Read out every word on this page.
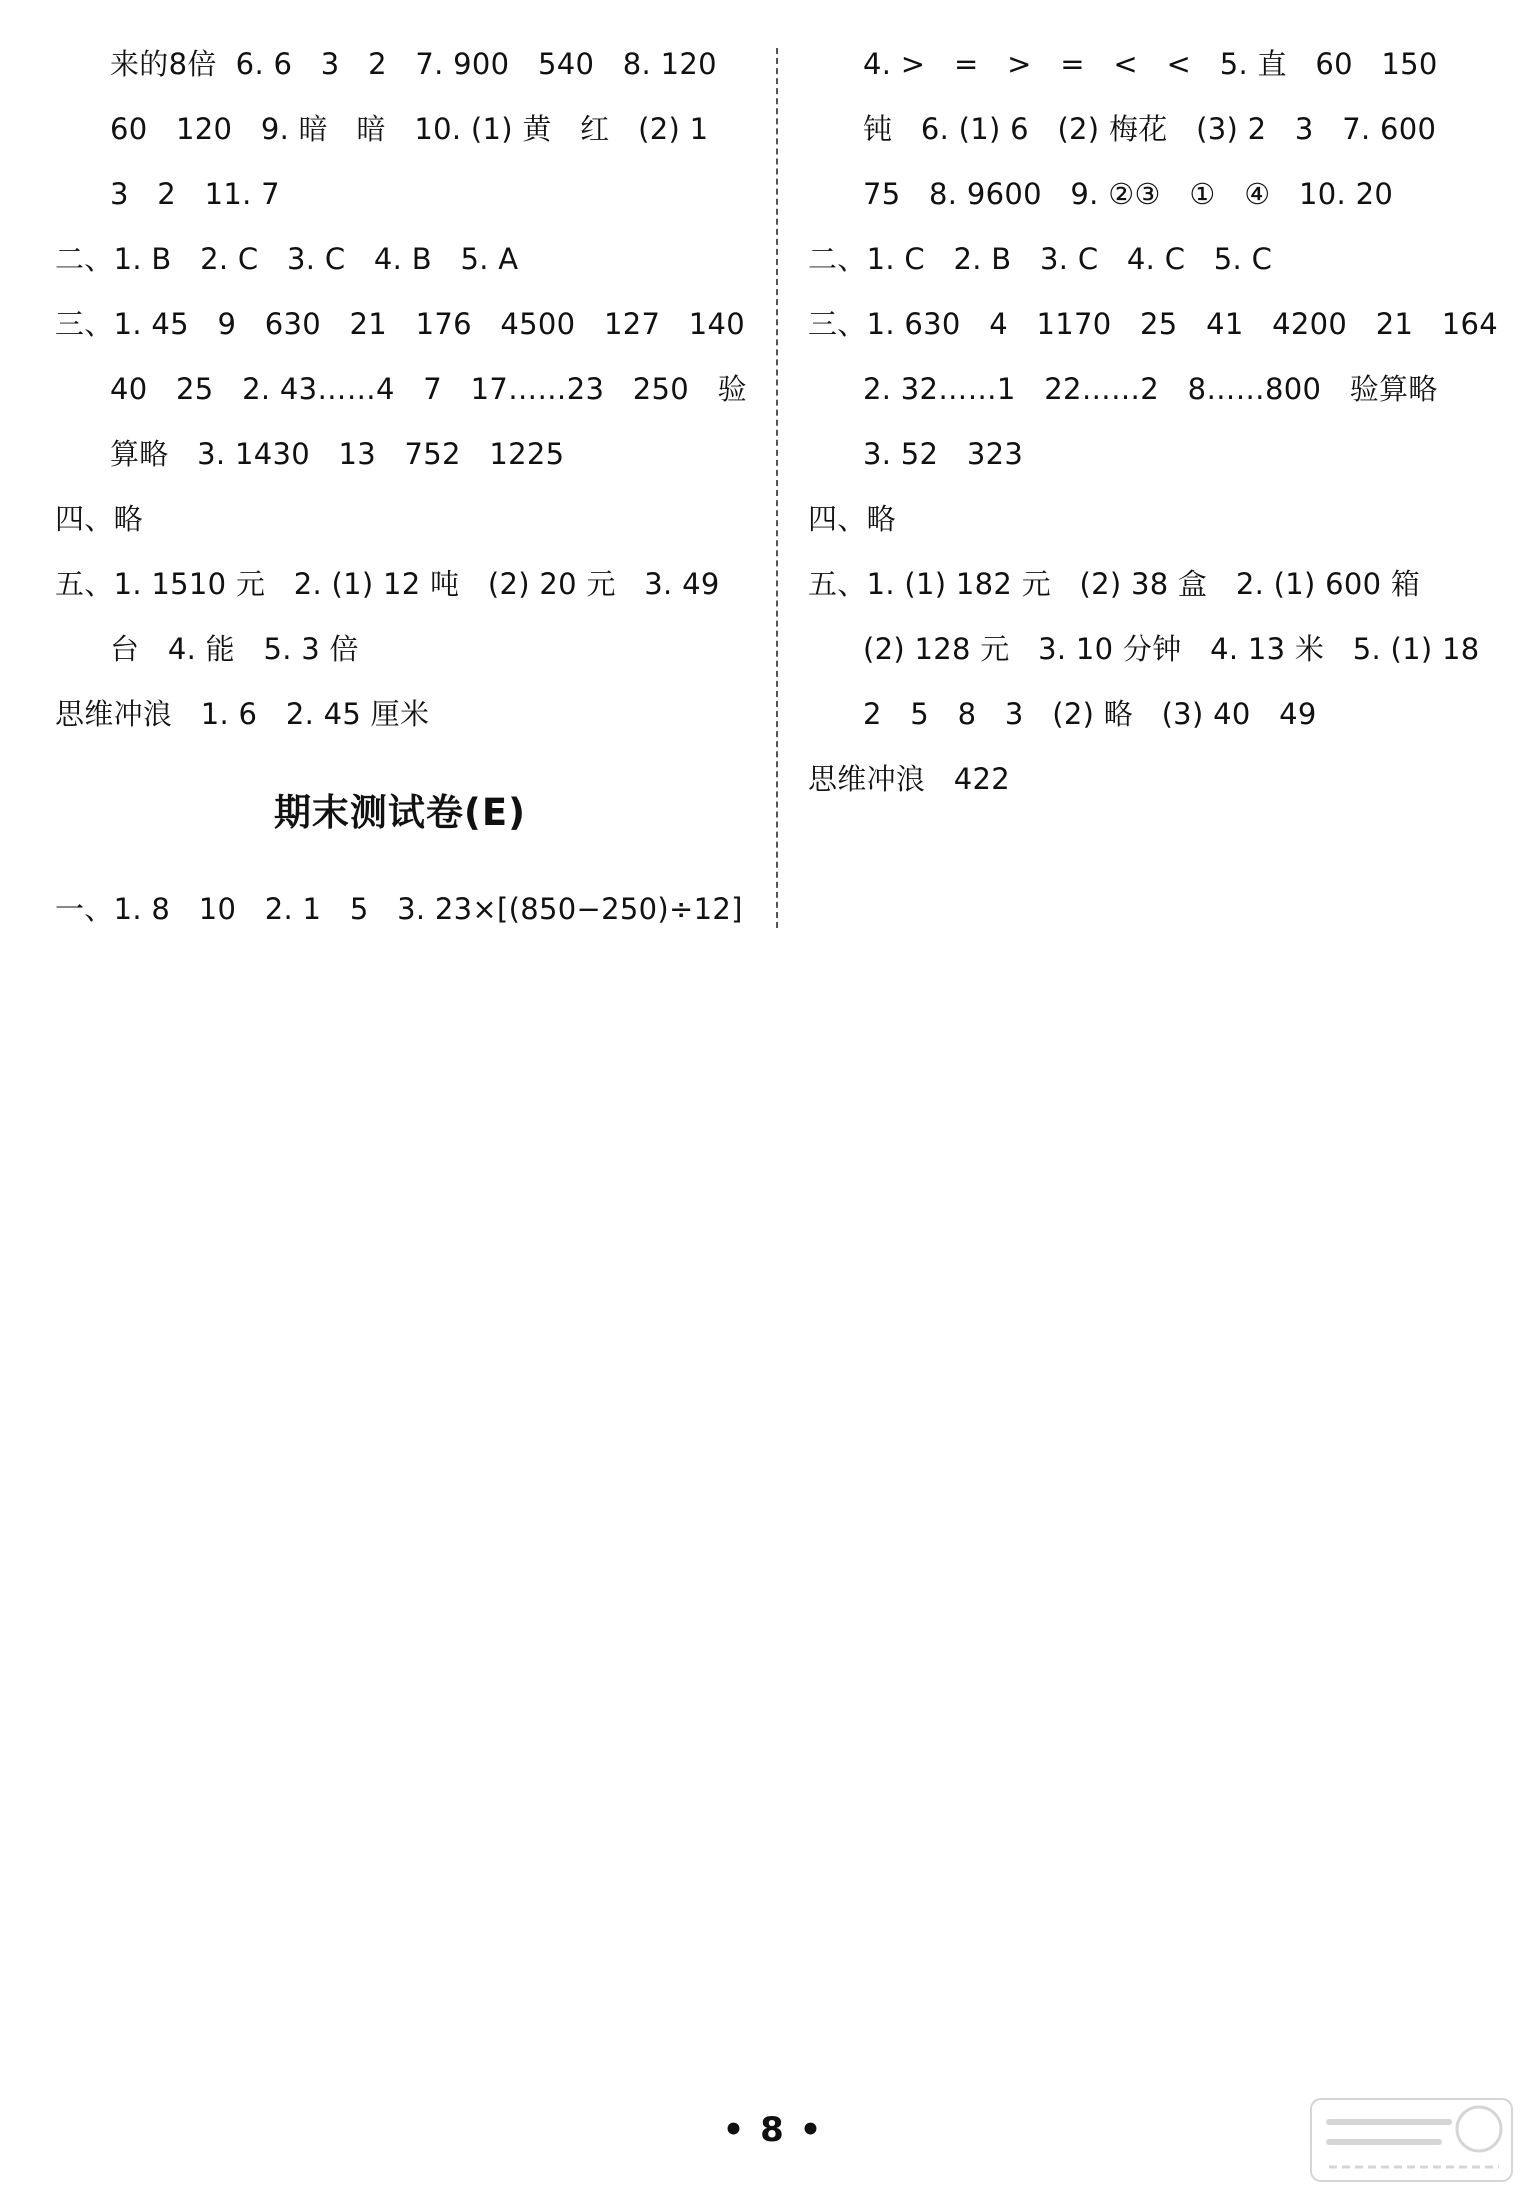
来的8倍  6. 6   3   2   7. 900   540   8. 120
60   120   9. 暗   暗   10. (1) 黄   红   (2) 1
3   2   11. 7
二、1. B   2. C   3. C   4. B   5. A
三、1. 45   9   630   21   176   4500   127   140
40   25   2. 43……4   7   17……23   250   验
算略   3. 1430   13   752   1225
四、略
五、1. 1510 元   2. (1) 12 吨   (2) 20 元   3. 49
台   4. 能   5. 3 倍
思维冲浪   1. 6   2. 45 厘米
期末测试卷(E)
一、1. 8   10   2. 1   5   3. 23×[(850−250)÷12]
4. >   =   >   =   <   <   5. 直   60   150
钝   6. (1) 6   (2) 梅花   (3) 2   3   7. 600
75   8. 9600   9. ②③   ①   ④   10. 20
二、1. C   2. B   3. C   4. C   5. C
三、1. 630   4   1170   25   41   4200   21   164
2. 32……1   22……2   8……800   验算略
3. 52   323
四、略
五、1. (1) 182 元   (2) 38 盒   2. (1) 600 箱
(2) 128 元   3. 10 分钟   4. 13 米   5. (1) 18
2   5   8   3   (2) 略   (3) 40   49
思维冲浪   422
• 8 •
